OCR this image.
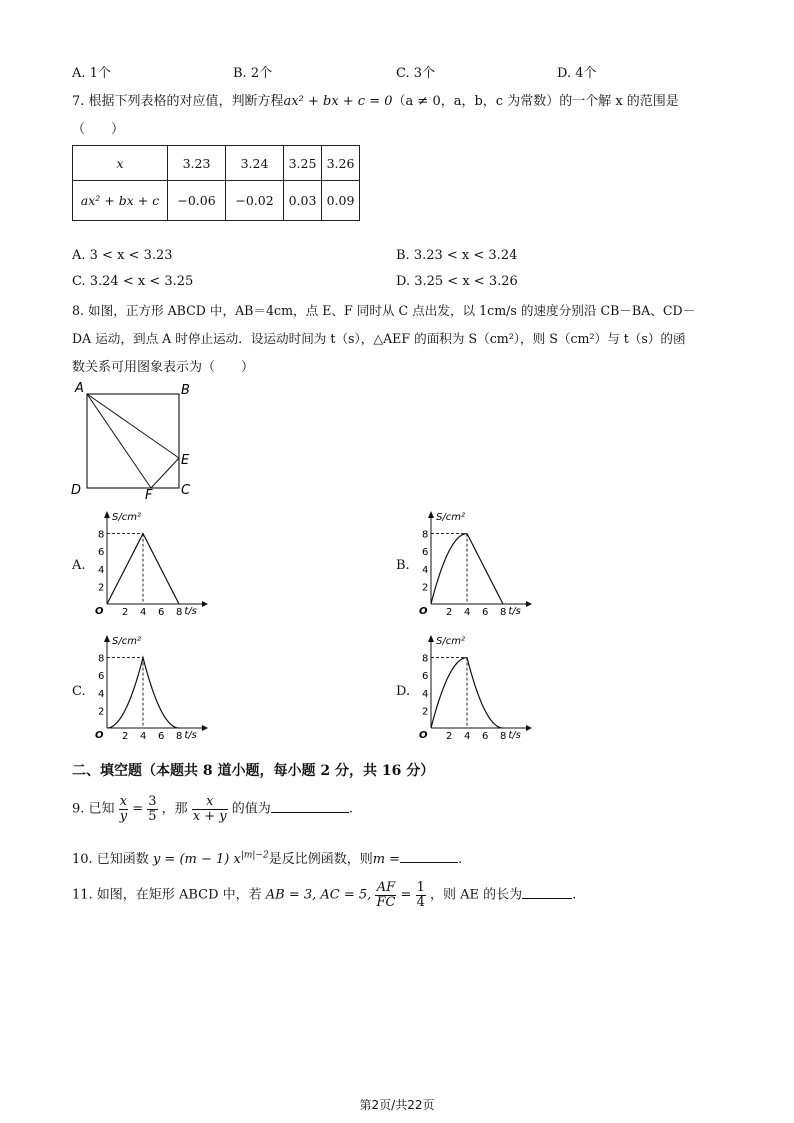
A. 1个	B. 2个	C. 3个	D. 4个
7. 根据下列表格的对应值，判断方程ax² + bx + c = 0（a ≠ 0，a，b，c 为常数）的一个解 x 的范围是
（　　）
x	3.23	3.24	3.25	3.26
ax² + bx + c	−0.06	−0.02	0.03	0.09
A. 3 < x < 3.23	B. 3.23 < x < 3.24
C. 3.24 < x < 3.25	D. 3.25 < x < 3.26
8. 如图，正方形 ABCD 中，AB＝4cm，点 E、F 同时从 C 点出发，以 1cm/s 的速度分别沿 CB－BA、CD－
DA 运动，到点 A 时停止运动．设运动时间为 t（s），△AEF 的面积为 S（cm²），则 S（cm²）与 t（s）的函
数关系可用图象表示为（　　）
A	B
E
C
D	F
A.	B.
C.	D.
S/cm²
t/s
O 2 4 6 8
2
4
6
8
S/cm²
t/s
O 2 4 6 8
2
4
6
8
S/cm²
t/s
O 2 4 6 8
2
4
6
8
S/cm²
t/s
O 2 4 6 8
2
4
6
8
二、填空题（本题共 8 道小题，每小题 2 分，共 16 分）
9. 已知 $\frac{x}{y} = \frac{3}{5}$ ，那 $\frac{x}{x + y}$ 的值为	.
10. 已知函数 y = (m − 1) $x^{|m|-2}$是反比例函数，则m =	.
11. 如图，在矩形 ABCD 中，若 AB = 3, AC = 5, $\frac{AF}{FC} = \frac{1}{4}$ ，则 AE 的长为	.
第2页/共22页
